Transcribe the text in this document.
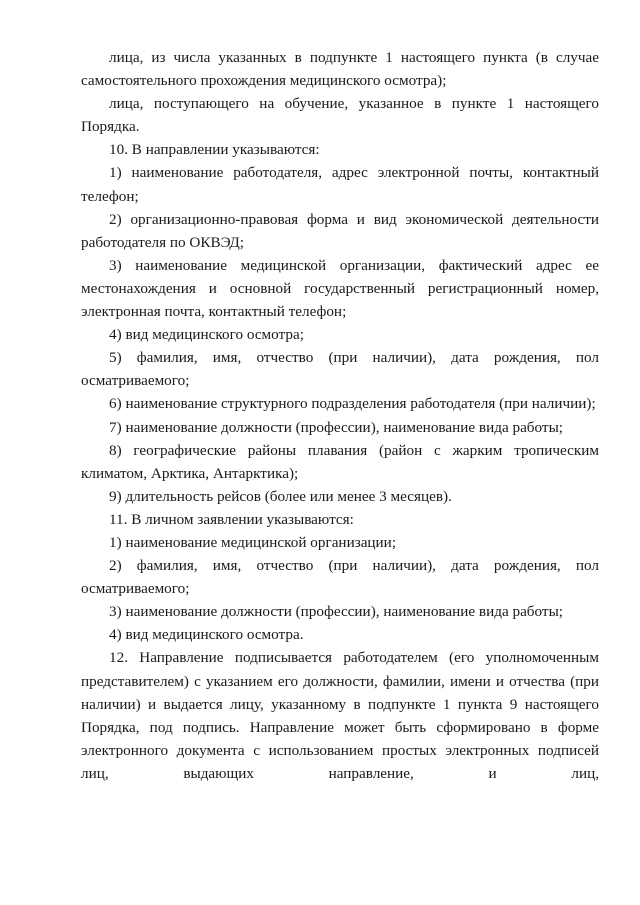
лица, из числа указанных в подпункте 1 настоящего пункта (в случае самостоятельного прохождения медицинского осмотра);

лица, поступающего на обучение, указанное в пункте 1 настоящего Порядка.

10. В направлении указываются:

1) наименование работодателя, адрес электронной почты, контактный телефон;

2) организационно-правовая форма и вид экономической деятельности работодателя по ОКВЭД;

3) наименование медицинской организации, фактический адрес ее местонахождения и основной государственный регистрационный номер, электронная почта, контактный телефон;

4) вид медицинского осмотра;

5) фамилия, имя, отчество (при наличии), дата рождения, пол осматриваемого;

6) наименование структурного подразделения работодателя (при наличии);

7) наименование должности (профессии), наименование вида работы;

8) географические районы плавания (район с жарким тропическим климатом, Арктика, Антарктика);

9) длительность рейсов (более или менее 3 месяцев).

11. В личном заявлении указываются:

1) наименование медицинской организации;

2) фамилия, имя, отчество (при наличии), дата рождения, пол осматриваемого;

3) наименование должности (профессии), наименование вида работы;

4) вид медицинского осмотра.

12. Направление подписывается работодателем (его уполномоченным представителем) с указанием его должности, фамилии, имени и отчества (при наличии) и выдается лицу, указанному в подпункте 1 пункта 9 настоящего Порядка, под подпись. Направление может быть сформировано в форме электронного документа с использованием простых электронных подписей лиц, выдающих направление, и лиц,
